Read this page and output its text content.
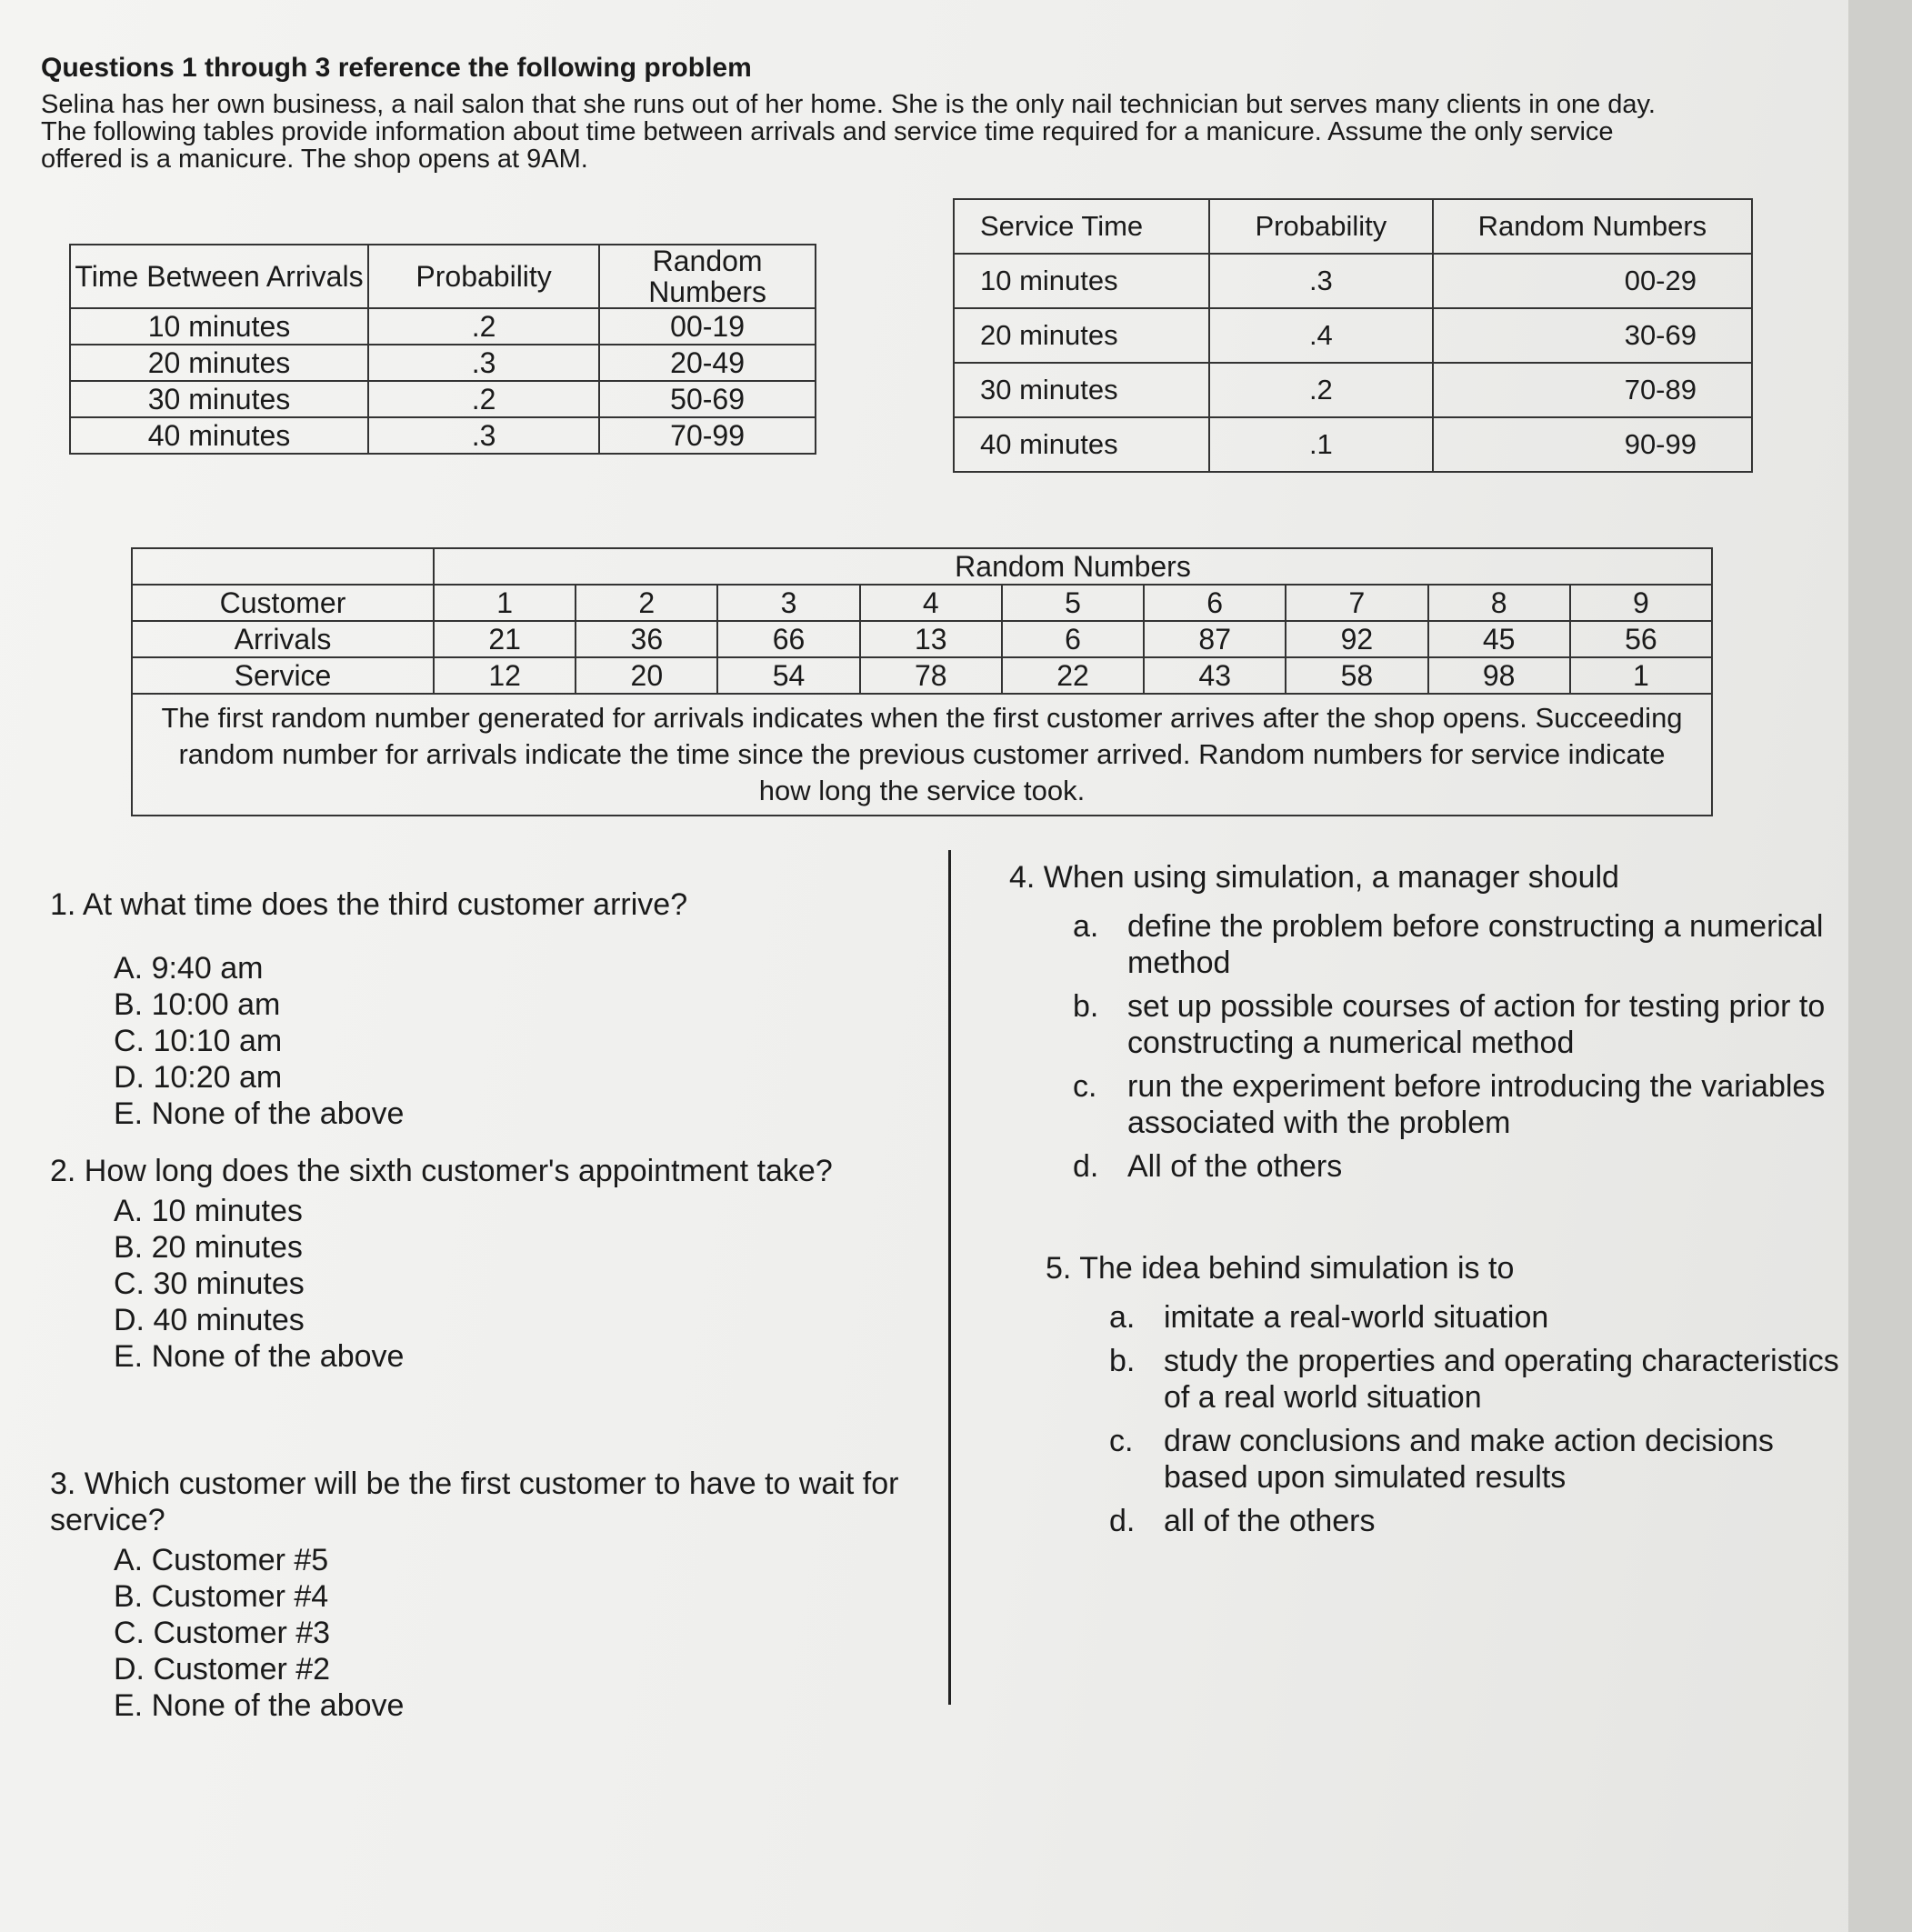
Questions 1 through 3 reference the following problem
Selina has her own business, a nail salon that she runs out of her home. She is the only nail technician but serves many clients in one day. The following tables provide information about time between arrivals and service time required for a manicure. Assume the only service offered is a manicure. The shop opens at 9AM.
Time Between Arrivals	Probability	Random Numbers
10 minutes	.2	00-19
20 minutes	.3	20-49
30 minutes	.2	50-69
40 minutes	.3	70-99
Service Time	Probability	Random Numbers
10 minutes	.3	00-29
20 minutes	.4	30-69
30 minutes	.2	70-89
40 minutes	.1	90-99
	Random Numbers								
Customer	1	2	3	4	5	6	7	8	9
Arrivals	21	36	66	13	6	87	92	45	56
Service	12	20	54	78	22	43	58	98	1
The first random number generated for arrivals indicates when the first customer arrives after the shop opens. Succeeding random number for arrivals indicate the time since the previous customer arrived. Random numbers for service indicate how long the service took.									
1. At what time does the third customer arrive?
A. 9:40 am
B. 10:00 am
C. 10:10 am
D. 10:20 am
E. None of the above
2. How long does the sixth customer's appointment take?
A. 10 minutes
B. 20 minutes
C. 30 minutes
D. 40 minutes
E. None of the above
3. Which customer will be the first customer to have to wait for service?
A. Customer #5
B. Customer #4
C. Customer #3
D. Customer #2
E. None of the above
4. When using simulation, a manager should
a. define the problem before constructing a numerical method
b. set up possible courses of action for testing prior to constructing a numerical method
c. run the experiment before introducing the variables associated with the problem
d. All of the others
5. The idea behind simulation is to
a. imitate a real-world situation
b. study the properties and operating characteristics of a real world situation
c. draw conclusions and make action decisions based upon simulated results
d. all of the others
